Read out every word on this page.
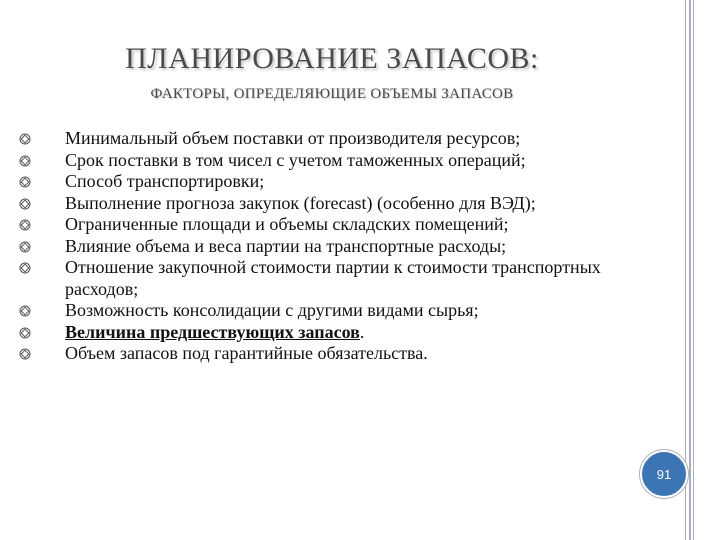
ПЛАНИРОВАНИЕ ЗАПАСОВ:
ФАКТОРЫ, ОПРЕДЕЛЯЮЩИЕ ОБЪЕМЫ ЗАПАСОВ
Минимальный объем поставки от производителя ресурсов;
Срок поставки в том чисел с учетом таможенных операций;
Способ транспортировки;
Выполнение прогноза закупок (forecast) (особенно для ВЭД);
Ограниченные площади и объемы складских помещений;
Влияние объема и веса партии на транспортные расходы;
Отношение закупочной стоимости партии к стоимости транспортных расходов;
Возможность консолидации с другими видами сырья;
Величина предшествующих запасов.
Объем запасов под гарантийные обязательства.
91
